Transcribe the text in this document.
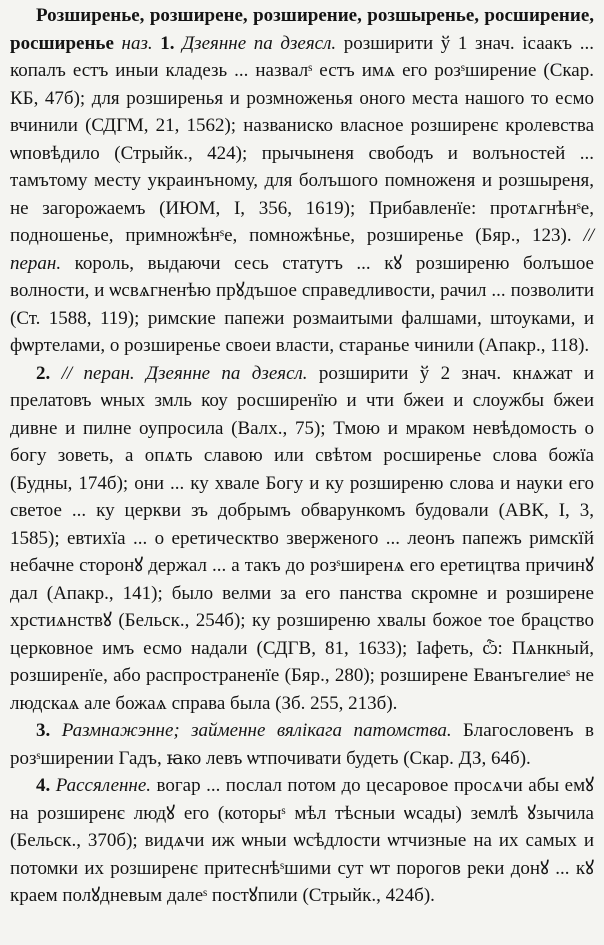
Розширенье, розширене, розширение, розшыренье, росширение, росширенье наз. 1. Дзеянне па дзеясл. розширити ў 1 знач. ісаакъ ... копалъ естъ иныи кладезь ... назвалˢ естъ имѧ его розˢширение (Скар. КБ, 47б); для розширенья и розмноженья оного места нашого то есмо вчинили (СДГМ, 21, 1562); названиско власное розширенє кролевства ѡповѣдило (Стрыйк., 424); прычыненя свободъ и волъностей ... тамътому месту украинъному, для болъшого помноженя и розшыреня, не загорожаемъ (ИЮМ, I, 356, 1619); Прибавленїе: протѧгнѣнˢе, подношенье, примножѣнˢе, помножѣнье, розширенье (Бяр., 123). // перан. король, выдаючи сесь статутъ ... кꙋ розширеню болъшое волности, и ѡсвѧгненѣю прꙋдъшое справедливости, рачил ... позволити (Ст. 1588, 119); римские папежи розмаитыми фалшами, штоуками, и фѡртелами, о розширенье своеи власти, старанье чинили (Апакр., 118).

2. // перан. Дзеянне па дзеясл. розширити ў 2 знач. кнѧжат и прелатовъ ѡных змль коу росширенїю и чти бжеи и слоужбы бжеи дивне и пилне оупросила (Валх., 75); Тмою и мраком невѣдомость о богу зоветь, а опѧть славою или свѣтом росширенье слова божїа (Будны, 174б); они ... ку хвале Богу и ку розширеню слова и науки его светое ... ку церкви зъ добрымъ обварункомъ будовали (АВК, I, 3, 1585); евтихїа ... о еретическтво зверженого ... леонъ папежъ римскїй небачне сторонꙋ держал ... а такъ до розˢширенѧ его еретицтва причинꙋ дал (Апакр., 141); было велми за его панства скромне и розширене хрстиѧнствꙋ (Бельск., 254б); ку розширеню хвалы божое тое брацство церковное имъ есмо надали (СДГВ, 81, 1633); Іафеть, ѽ: Пѧнкный, розширенїе, або распространенїе (Бяр., 280); розширене Еванъгелиеˢ не людскаѧ але божаѧ справа была (Зб. 255, 213б).

3. Размнажэнне; займенне вялікага патомства. Благословенъ в розˢширении Гадъ, ꙗко левъ ѡтпочивати будеть (Скар. ДЗ, 64б).

4. Рассяленне. вогар ... послал потом до цесаровое просѧчи абы емꙋ на розширенє людꙋ его (которыˢ мѣл тѣсныи ѡсады) землѣ ꙋзычила (Бельск., 370б); видѧчи иж ѡныи ѡсѣдлости ѡтчизные на их самых и потомки их розширенє притеснѣˢшими сут ѡт порогов реки донꙋ ... кꙋ краем полꙋдневым далеˢ постꙋпили (Стрыйк., 424б).
